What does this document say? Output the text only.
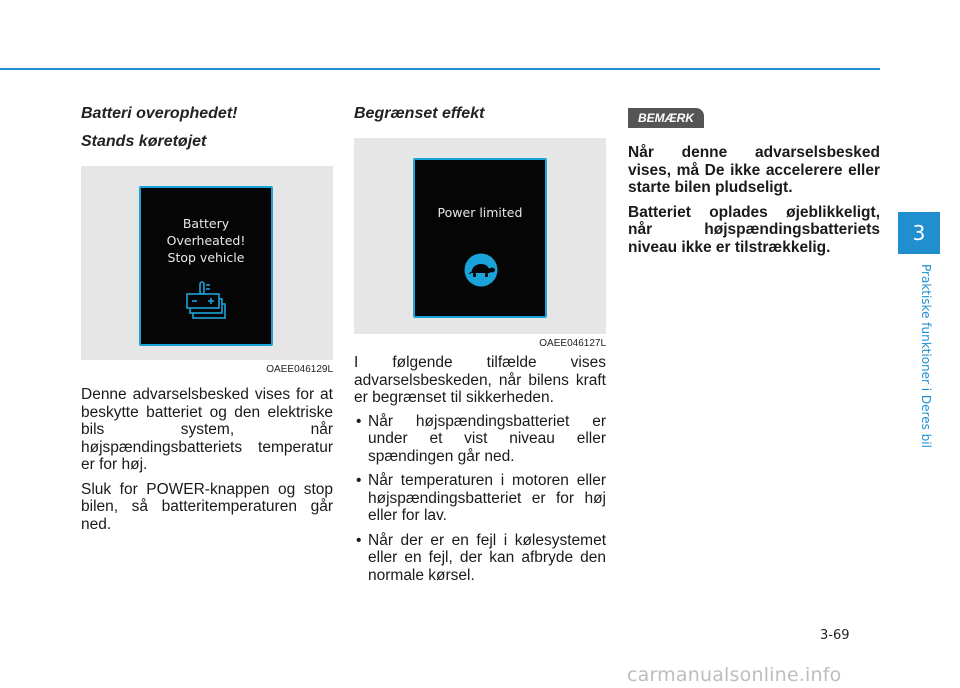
Batteri overophedet!
Stands køretøjet
Battery
Overheated!
Stop vehicle
OAEE046129L

Denne advarselsbesked vises for at beskytte batteriet og den elektriske bils system, når højspændingsbatteriets temperatur er for høj.

Sluk for POWER-knappen og stop bilen, så batteritemperaturen går ned.

Begrænset effekt
Power limited
OAEE046127L

I følgende tilfælde vises advarselsbeskeden, når bilens kraft er begrænset til sikkerheden.

• Når højspændingsbatteriet er under et vist niveau eller spændingen går ned.
• Når temperaturen i motoren eller højspændingsbatteriet er for høj eller for lav.
• Når der er en fejl i kølesystemet eller en fejl, der kan afbryde den normale kørsel.
BEMÆRK

Når denne advarselsbesked vises, må De ikke accelerere eller starte bilen pludseligt.

Batteriet oplades øjeblikkeligt, når højspændingsbatteriets niveau ikke er tilstrækkelig.

3
Praktiske funktioner i Deres bil
3-69
carmanualsonline.info
